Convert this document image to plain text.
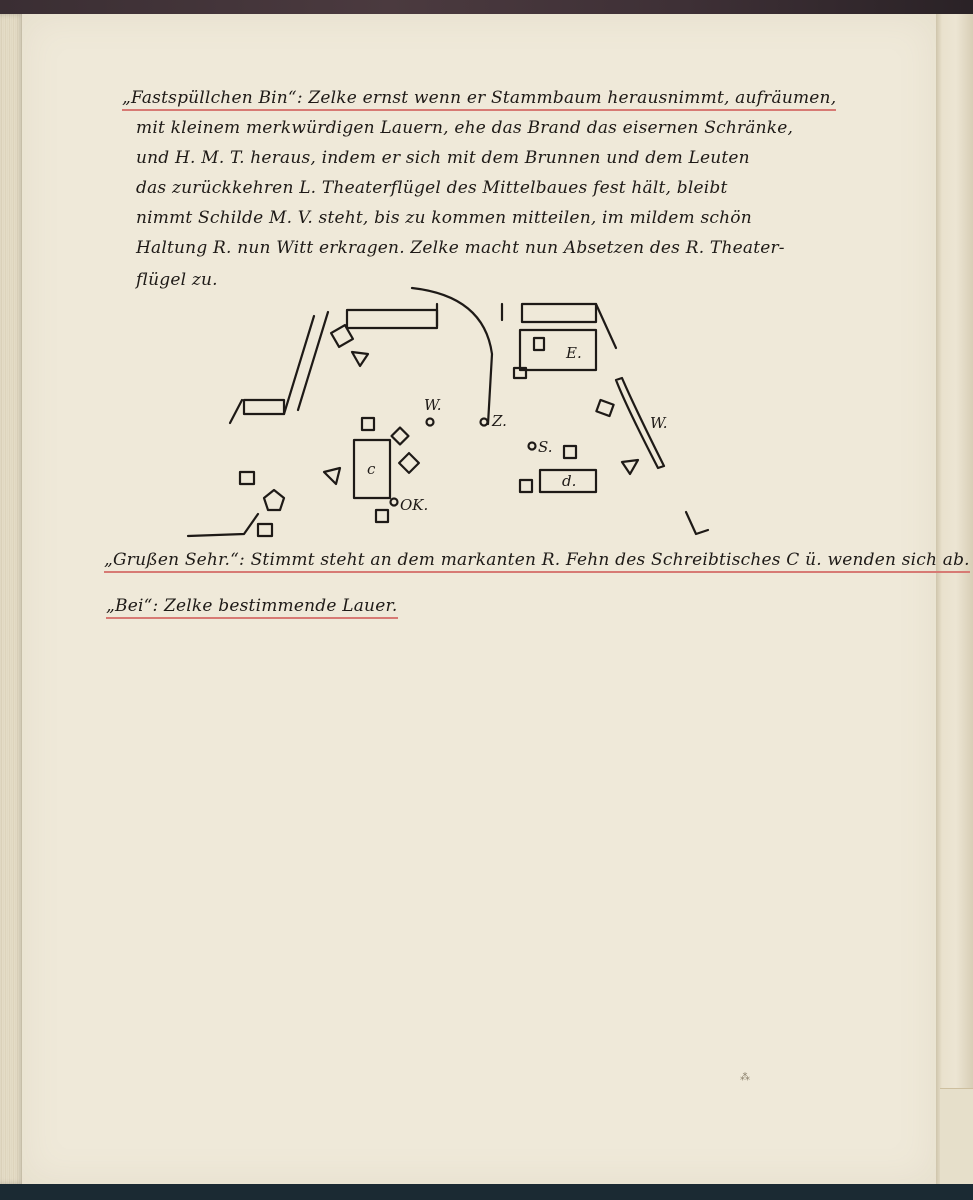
„Fastspüllchen Bin“: Zelke ernst wenn er Stammbaum herausnimmt, aufräumen,
mit kleinem merkwürdigen Lauern, ehe das Brand das eisernen Schränke,
und H. M. T. heraus, indem er sich mit dem Brunnen und dem Leuten
das zurückkehren L. Theaterflügel des Mittelbaues fest hält, bleibt
nimmt Schilde M. V. steht, bis zu kommen mitteilen, im mildem schön
Haltung R. nun Witt erkragen. Zelke macht nun Absetzen des R. Theater-
flügel zu.
W.
Z.
E.
W.
S.
d.
c
OK.
„Grußen Sehr.“: Stimmt steht an dem markanten R. Fehn des Schreibtisches C ü. wenden sich ab.
„Bei“: Zelke bestimmende Lauer.
⁂
